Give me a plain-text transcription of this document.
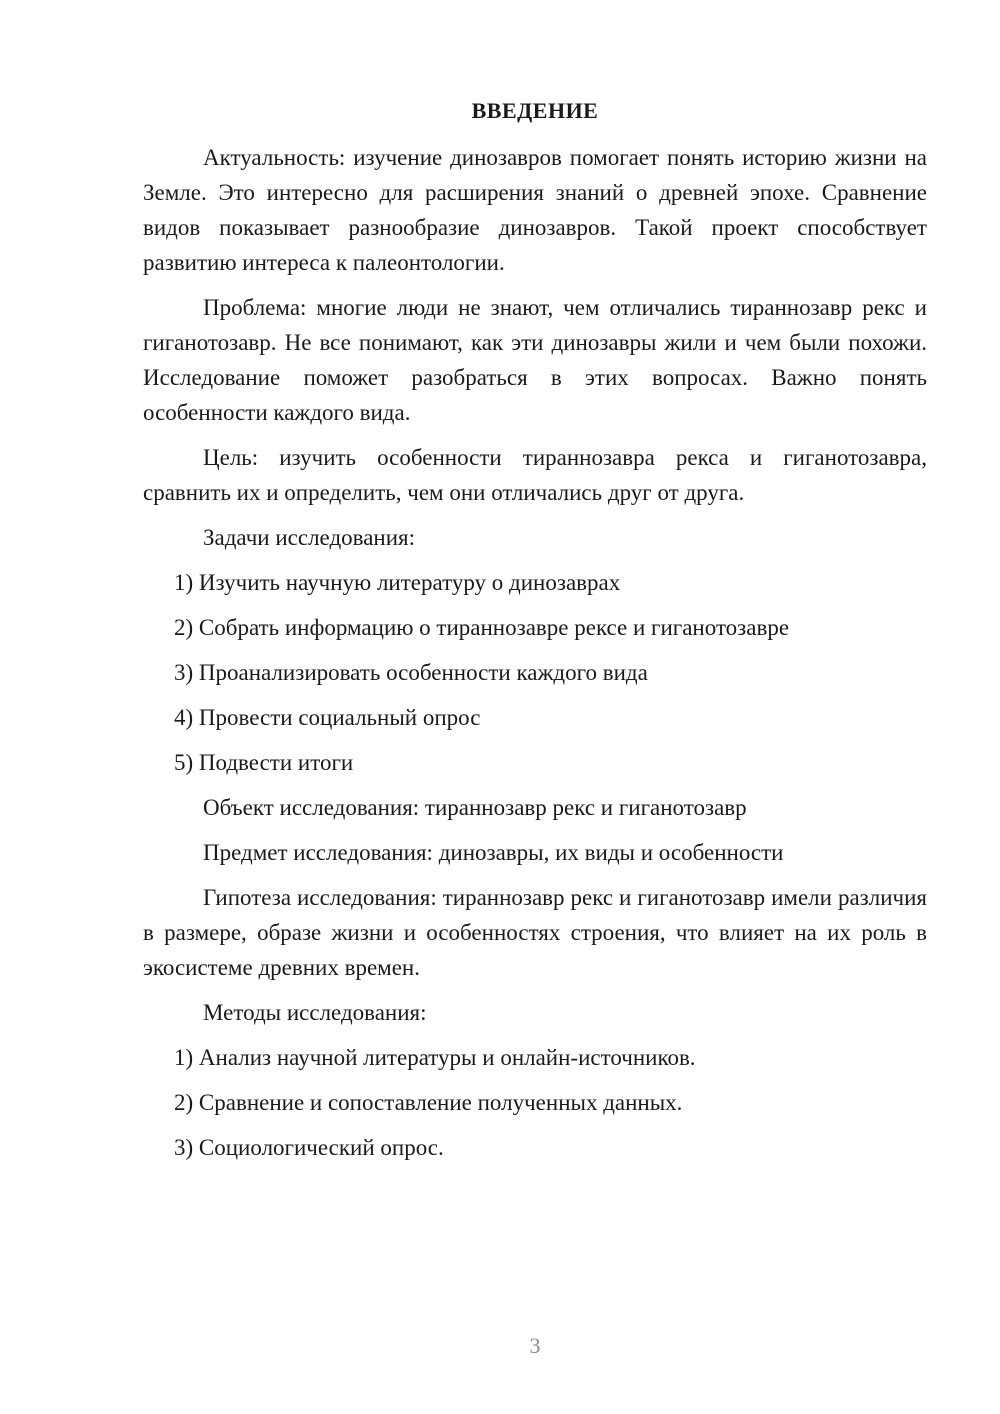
ВВЕДЕНИЕ
Актуальность: изучение динозавров помогает понять историю жизни на Земле. Это интересно для расширения знаний о древней эпохе. Сравнение видов показывает разнообразие динозавров. Такой проект способствует развитию интереса к палеонтологии.
Проблема: многие люди не знают, чем отличались тираннозавр рекс и гиганотозавр. Не все понимают, как эти динозавры жили и чем были похожи. Исследование поможет разобраться в этих вопросах. Важно понять особенности каждого вида.
Цель: изучить особенности тираннозавра рекса и гиганотозавра, сравнить их и определить, чем они отличались друг от друга.
Задачи исследования:
1) Изучить научную литературу о динозаврах
2) Собрать информацию о тираннозавре рексе и гиганотозавре
3) Проанализировать особенности каждого вида
4) Провести социальный опрос
5) Подвести итоги
Объект исследования: тираннозавр рекс и гиганотозавр
Предмет исследования: динозавры, их виды и особенности
Гипотеза исследования: тираннозавр рекс и гиганотозавр имели различия в размере, образе жизни и особенностях строения, что влияет на их роль в экосистеме древних времен.
Методы исследования:
1) Анализ научной литературы и онлайн-источников.
2) Сравнение и сопоставление полученных данных.
3) Социологический опрос.
3
